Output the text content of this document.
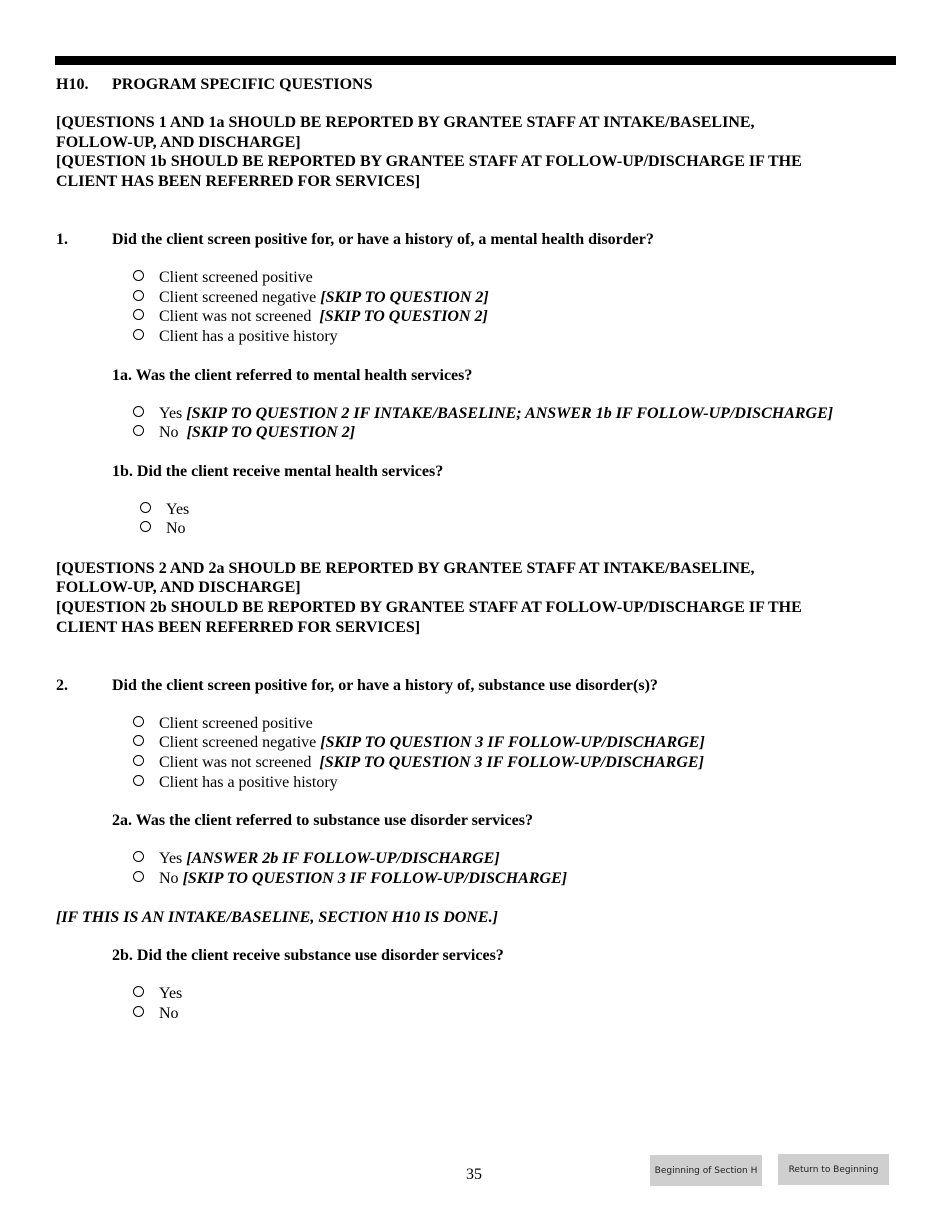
H10. PROGRAM SPECIFIC QUESTIONS
[QUESTIONS 1 AND 1a SHOULD BE REPORTED BY GRANTEE STAFF AT INTAKE/BASELINE,
FOLLOW-UP, AND DISCHARGE]
[QUESTION 1b SHOULD BE REPORTED BY GRANTEE STAFF AT FOLLOW-UP/DISCHARGE IF THE
CLIENT HAS BEEN REFERRED FOR SERVICES]
1.	Did the client screen positive for, or have a history of, a mental health disorder?
Client screened positive
Client screened negative [SKIP TO QUESTION 2]
Client was not screened [SKIP TO QUESTION 2]
Client has a positive history
1a. Was the client referred to mental health services?
Yes [SKIP TO QUESTION 2 IF INTAKE/BASELINE; ANSWER 1b IF FOLLOW-UP/DISCHARGE]
No [SKIP TO QUESTION 2]
1b. Did the client receive mental health services?
Yes
No
[QUESTIONS 2 AND 2a SHOULD BE REPORTED BY GRANTEE STAFF AT INTAKE/BASELINE,
FOLLOW-UP, AND DISCHARGE]
[QUESTION 2b SHOULD BE REPORTED BY GRANTEE STAFF AT FOLLOW-UP/DISCHARGE IF THE
CLIENT HAS BEEN REFERRED FOR SERVICES]
2.	Did the client screen positive for, or have a history of, substance use disorder(s)?
Client screened positive
Client screened negative [SKIP TO QUESTION 3 IF FOLLOW-UP/DISCHARGE]
Client was not screened [SKIP TO QUESTION 3 IF FOLLOW-UP/DISCHARGE]
Client has a positive history
2a. Was the client referred to substance use disorder services?
Yes [ANSWER 2b IF FOLLOW-UP/DISCHARGE]
No [SKIP TO QUESTION 3 IF FOLLOW-UP/DISCHARGE]
[IF THIS IS AN INTAKE/BASELINE, SECTION H10 IS DONE.]
2b. Did the client receive substance use disorder services?
Yes
No
35	Beginning of Section H	Return to Beginning
